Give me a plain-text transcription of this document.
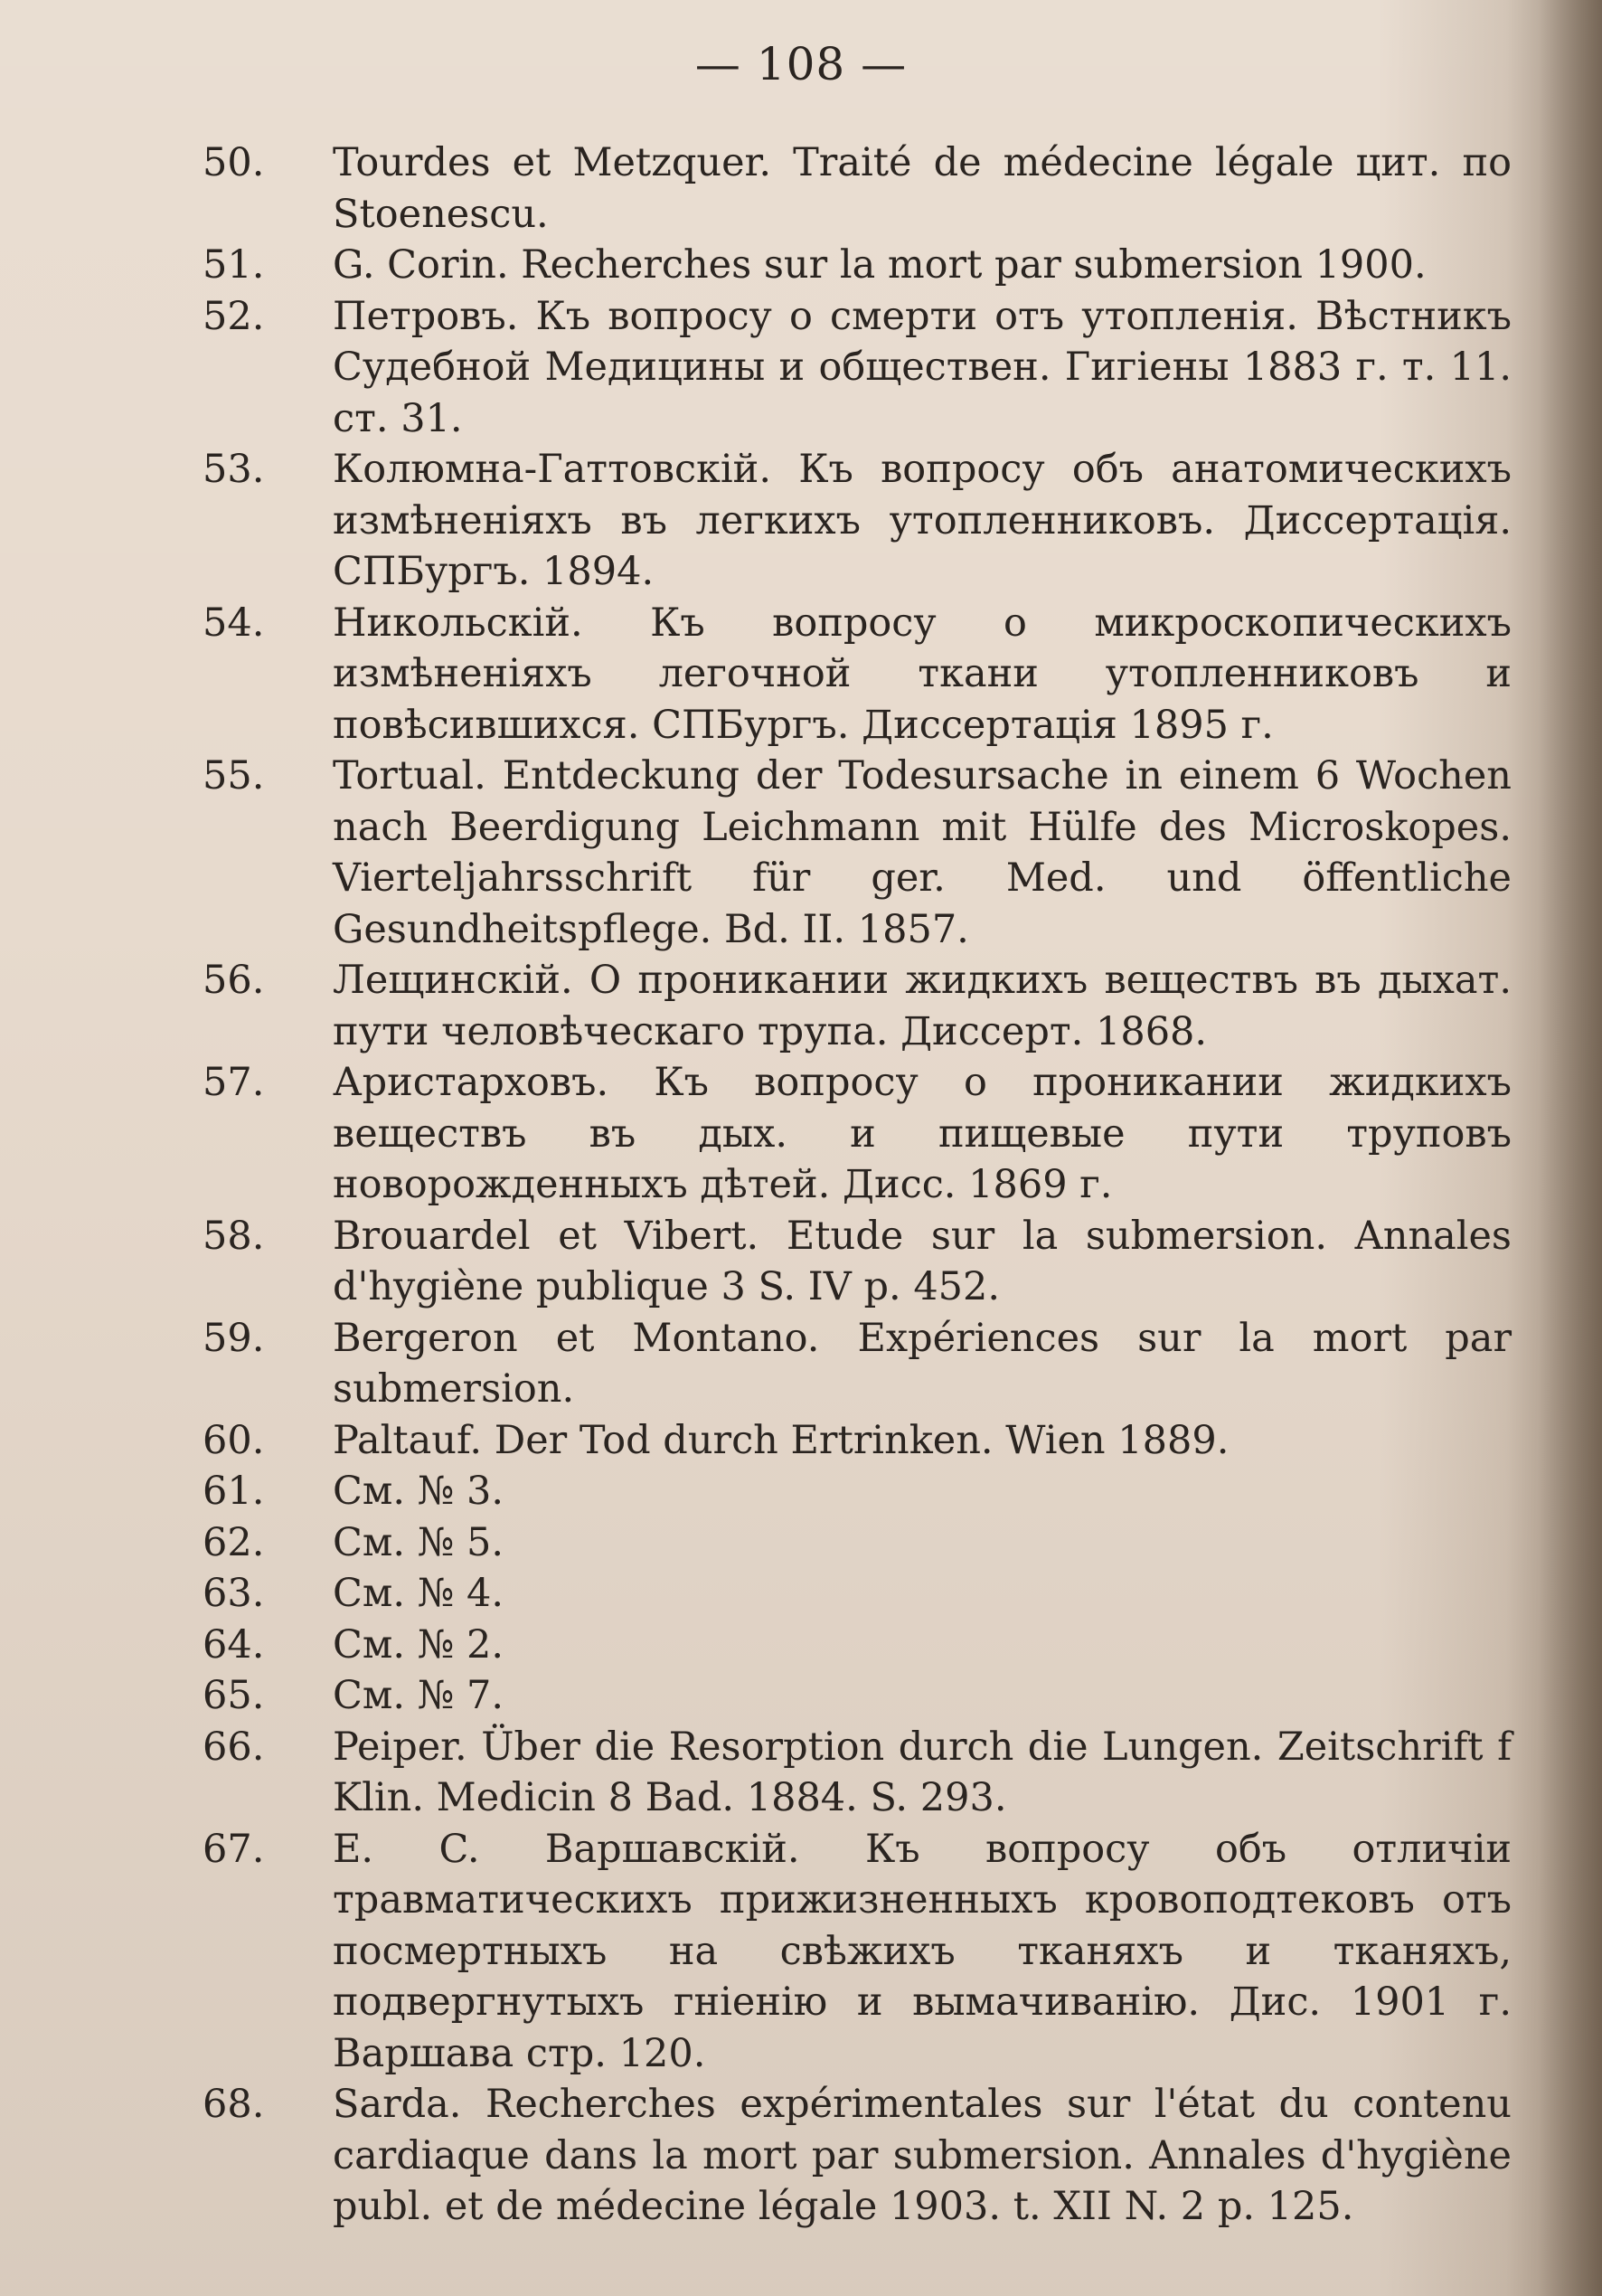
— 108 —
50.	Tourdes et Metzquer. Traité de médecine légale цит. по Stoenescu.
51.	G. Corin. Recherches sur la mort par submersion 1900.
52.	Петровъ. Къ вопросу о смерти отъ утопленія. Вѣстникъ Судебной Медицины и обществен. Гигіены 1883 г. т. 11. ст. 31.
53.	Колюмна-Гаттовскій. Къ вопросу объ анатомическихъ измѣненіяхъ въ легкихъ утопленниковъ. Диссертація. СПБургъ. 1894.
54.	Никольскій. Къ вопросу о микроскопическихъ измѣненіяхъ легочной ткани утопленниковъ и повѣсившихся. СПБургъ. Диссертація 1895 г.
55.	Tortual. Entdeckung der Todesursache in einem 6 Wochen nach Beerdigung Leichmann mit Hülfe des Microskopes. Vierteljahrsschrift für ger. Med. und öffentliche Gesundheitspflege. Bd. II. 1857.
56.	Лещинскій. О проникании жидкихъ веществъ въ дыхат. пути человѣческаго трупа. Диссерт. 1868.
57.	Аристарховъ. Къ вопросу о проникании жидкихъ веществъ въ дых. и пищевые пути труповъ новорожденныхъ дѣтей. Дисс. 1869 г.
58.	Brouardel et Vibert. Etude sur la submersion. Annales d'hygiène publique 3 S. IV p. 452.
59.	Bergeron et Montano. Expériences sur la mort par submersion.
60.	Paltauf. Der Tod durch Ertrinken. Wien 1889.
61.	См. № 3.
62.	См. № 5.
63.	См. № 4.
64.	См. № 2.
65.	См. № 7.
66.	Peiper. Über die Resorption durch die Lungen. Zeitschrift f Klin. Medicin 8 Bad. 1884. S. 293.
67.	E. C. Варшавскій. Къ вопросу объ отличіи травматическихъ прижизненныхъ кровоподтековъ отъ посмертныхъ на свѣжихъ тканяхъ и тканяхъ, подвергнутыхъ гніенію и вымачиванію. Дис. 1901 г. Варшава стр. 120.
68.	Sarda. Recherches expérimentales sur l'état du contenu cardiaque dans la mort par submersion. Annales d'hygiène publ. et de médecine légale 1903. t. XII N. 2 p. 125.
